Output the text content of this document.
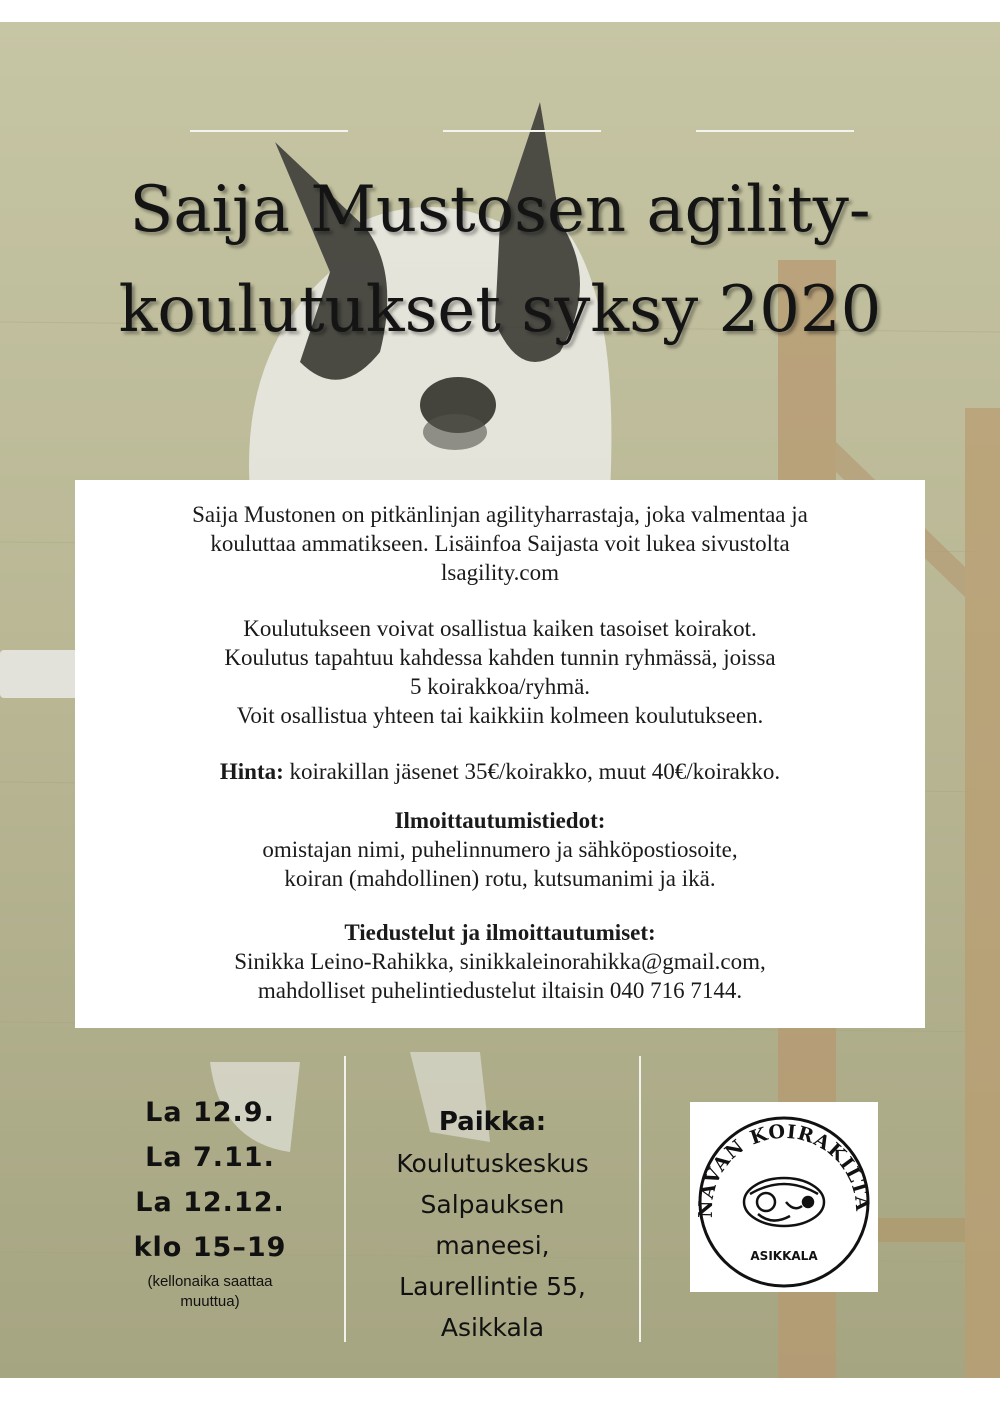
Saija Mustosen agility-
koulutukset syksy 2020

Saija Mustonen on pitkänlinjan agilityharrastaja, joka valmentaa ja

kouluttaa ammatikseen. Lisäinfoa Saijasta voit lukea sivustolta

lsagility.com

Koulutukseen voivat osallistua kaiken tasoiset koirakot.

Koulutus tapahtuu kahdessa kahden tunnin ryhmässä, joissa

5 koirakkoa/ryhmä.

Voit osallistua yhteen tai kaikkiin kolmeen koulutukseen.

Hinta: koirakillan jäsenet 35€/koirakko, muut 40€/koirakko.

Ilmoittautumistiedot:

omistajan nimi, puhelinnumero ja sähköpostiosoite,

koiran (mahdollinen) rotu, kutsumanimi ja ikä.

Tiedustelut ja ilmoittautumiset:

Sinikka Leino-Rahikka, sinikkaleinorahikka@gmail.com,

mahdolliset puhelintiedustelut iltaisin 040 716 7144.

La 12.9.
La 7.11.
La 12.12.
klo 15–19
(kellonaika saattaa
muuttua)
Paikka:
Koulutuskeskus
Salpauksen
maneesi,
Laurellintie 55,
Asikkala
NAVAN KOIRAKILTA
ASIKKALA
